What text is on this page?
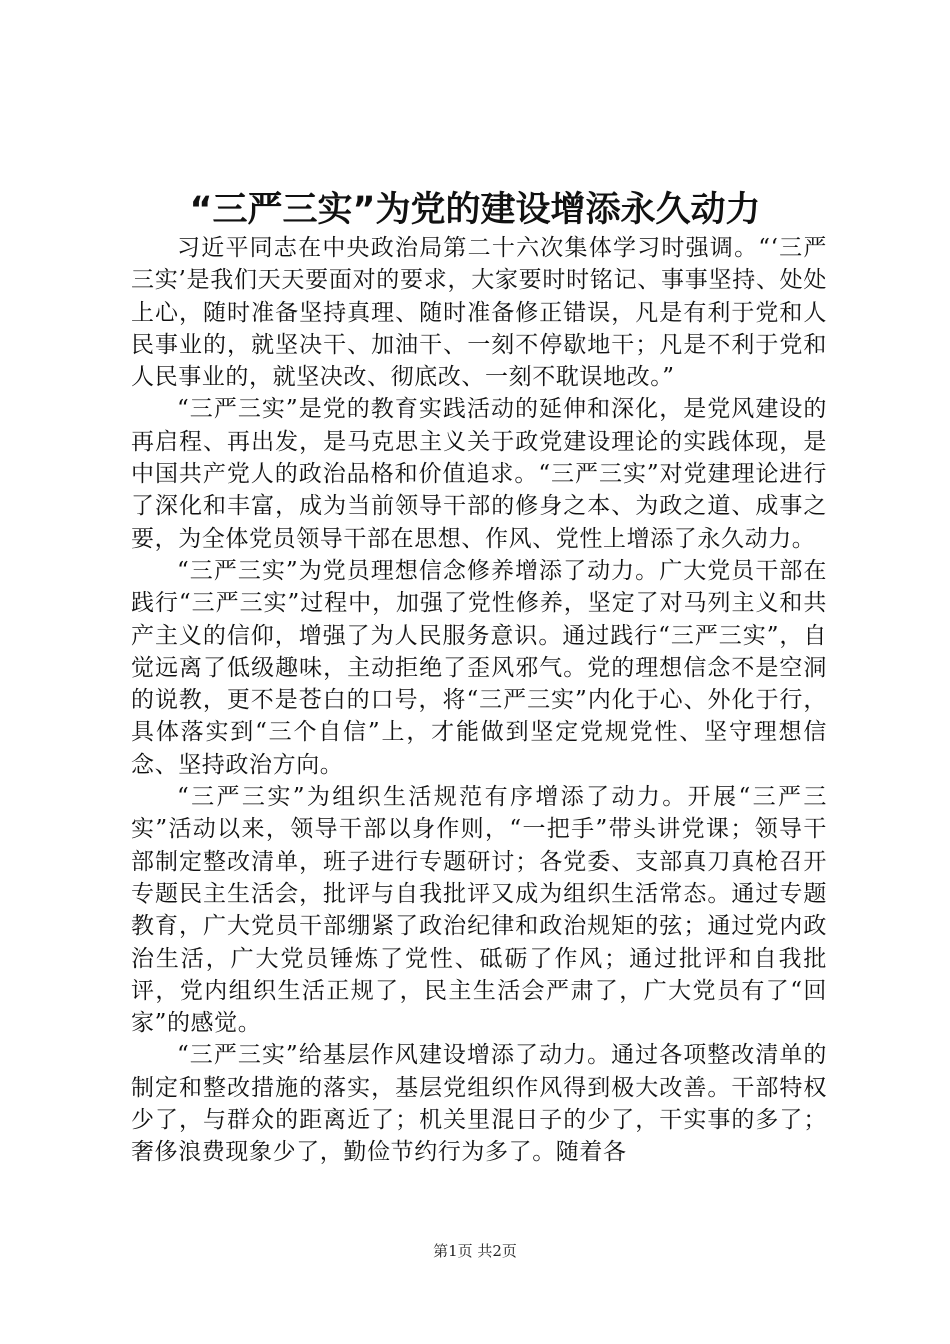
“三严三实”为党的建设增添永久动力

习近平同志在中央政治局第二十六次集体学习时强调。“‘三严三实’是我们天天要面对的要求，大家要时时铭记、事事坚持、处处上心，随时准备坚持真理、随时准备修正错误，凡是有利于党和人民事业的，就坚决干、加油干、一刻不停歇地干；凡是不利于党和人民事业的，就坚决改、彻底改、一刻不耽误地改。”

“三严三实”是党的教育实践活动的延伸和深化，是党风建设的再启程、再出发，是马克思主义关于政党建设理论的实践体现，是中国共产党人的政治品格和价值追求。“三严三实”对党建理论进行了深化和丰富，成为当前领导干部的修身之本、为政之道、成事之要，为全体党员领导干部在思想、作风、党性上增添了永久动力。

“三严三实”为党员理想信念修养增添了动力。广大党员干部在践行“三严三实”过程中，加强了党性修养，坚定了对马列主义和共产主义的信仰，增强了为人民服务意识。通过践行“三严三实”，自觉远离了低级趣味，主动拒绝了歪风邪气。党的理想信念不是空洞的说教，更不是苍白的口号，将“三严三实”内化于心、外化于行，具体落实到“三个自信”上，才能做到坚定党规党性、坚守理想信念、坚持政治方向。

“三严三实”为组织生活规范有序增添了动力。开展“三严三实”活动以来，领导干部以身作则，“一把手”带头讲党课；领导干部制定整改清单，班子进行专题研讨；各党委、支部真刀真枪召开专题民主生活会，批评与自我批评又成为组织生活常态。通过专题教育，广大党员干部绷紧了政治纪律和政治规矩的弦；通过党内政治生活，广大党员锤炼了党性、砥砺了作风；通过批评和自我批评，党内组织生活正规了，民主生活会严肃了，广大党员有了“回家”的感觉。

“三严三实”给基层作风建设增添了动力。通过各项整改清单的制定和整改措施的落实，基层党组织作风得到极大改善。干部特权少了，与群众的距离近了；机关里混日子的少了，干实事的多了；奢侈浪费现象少了，勤俭节约行为多了。随着各

第1页 共2页
